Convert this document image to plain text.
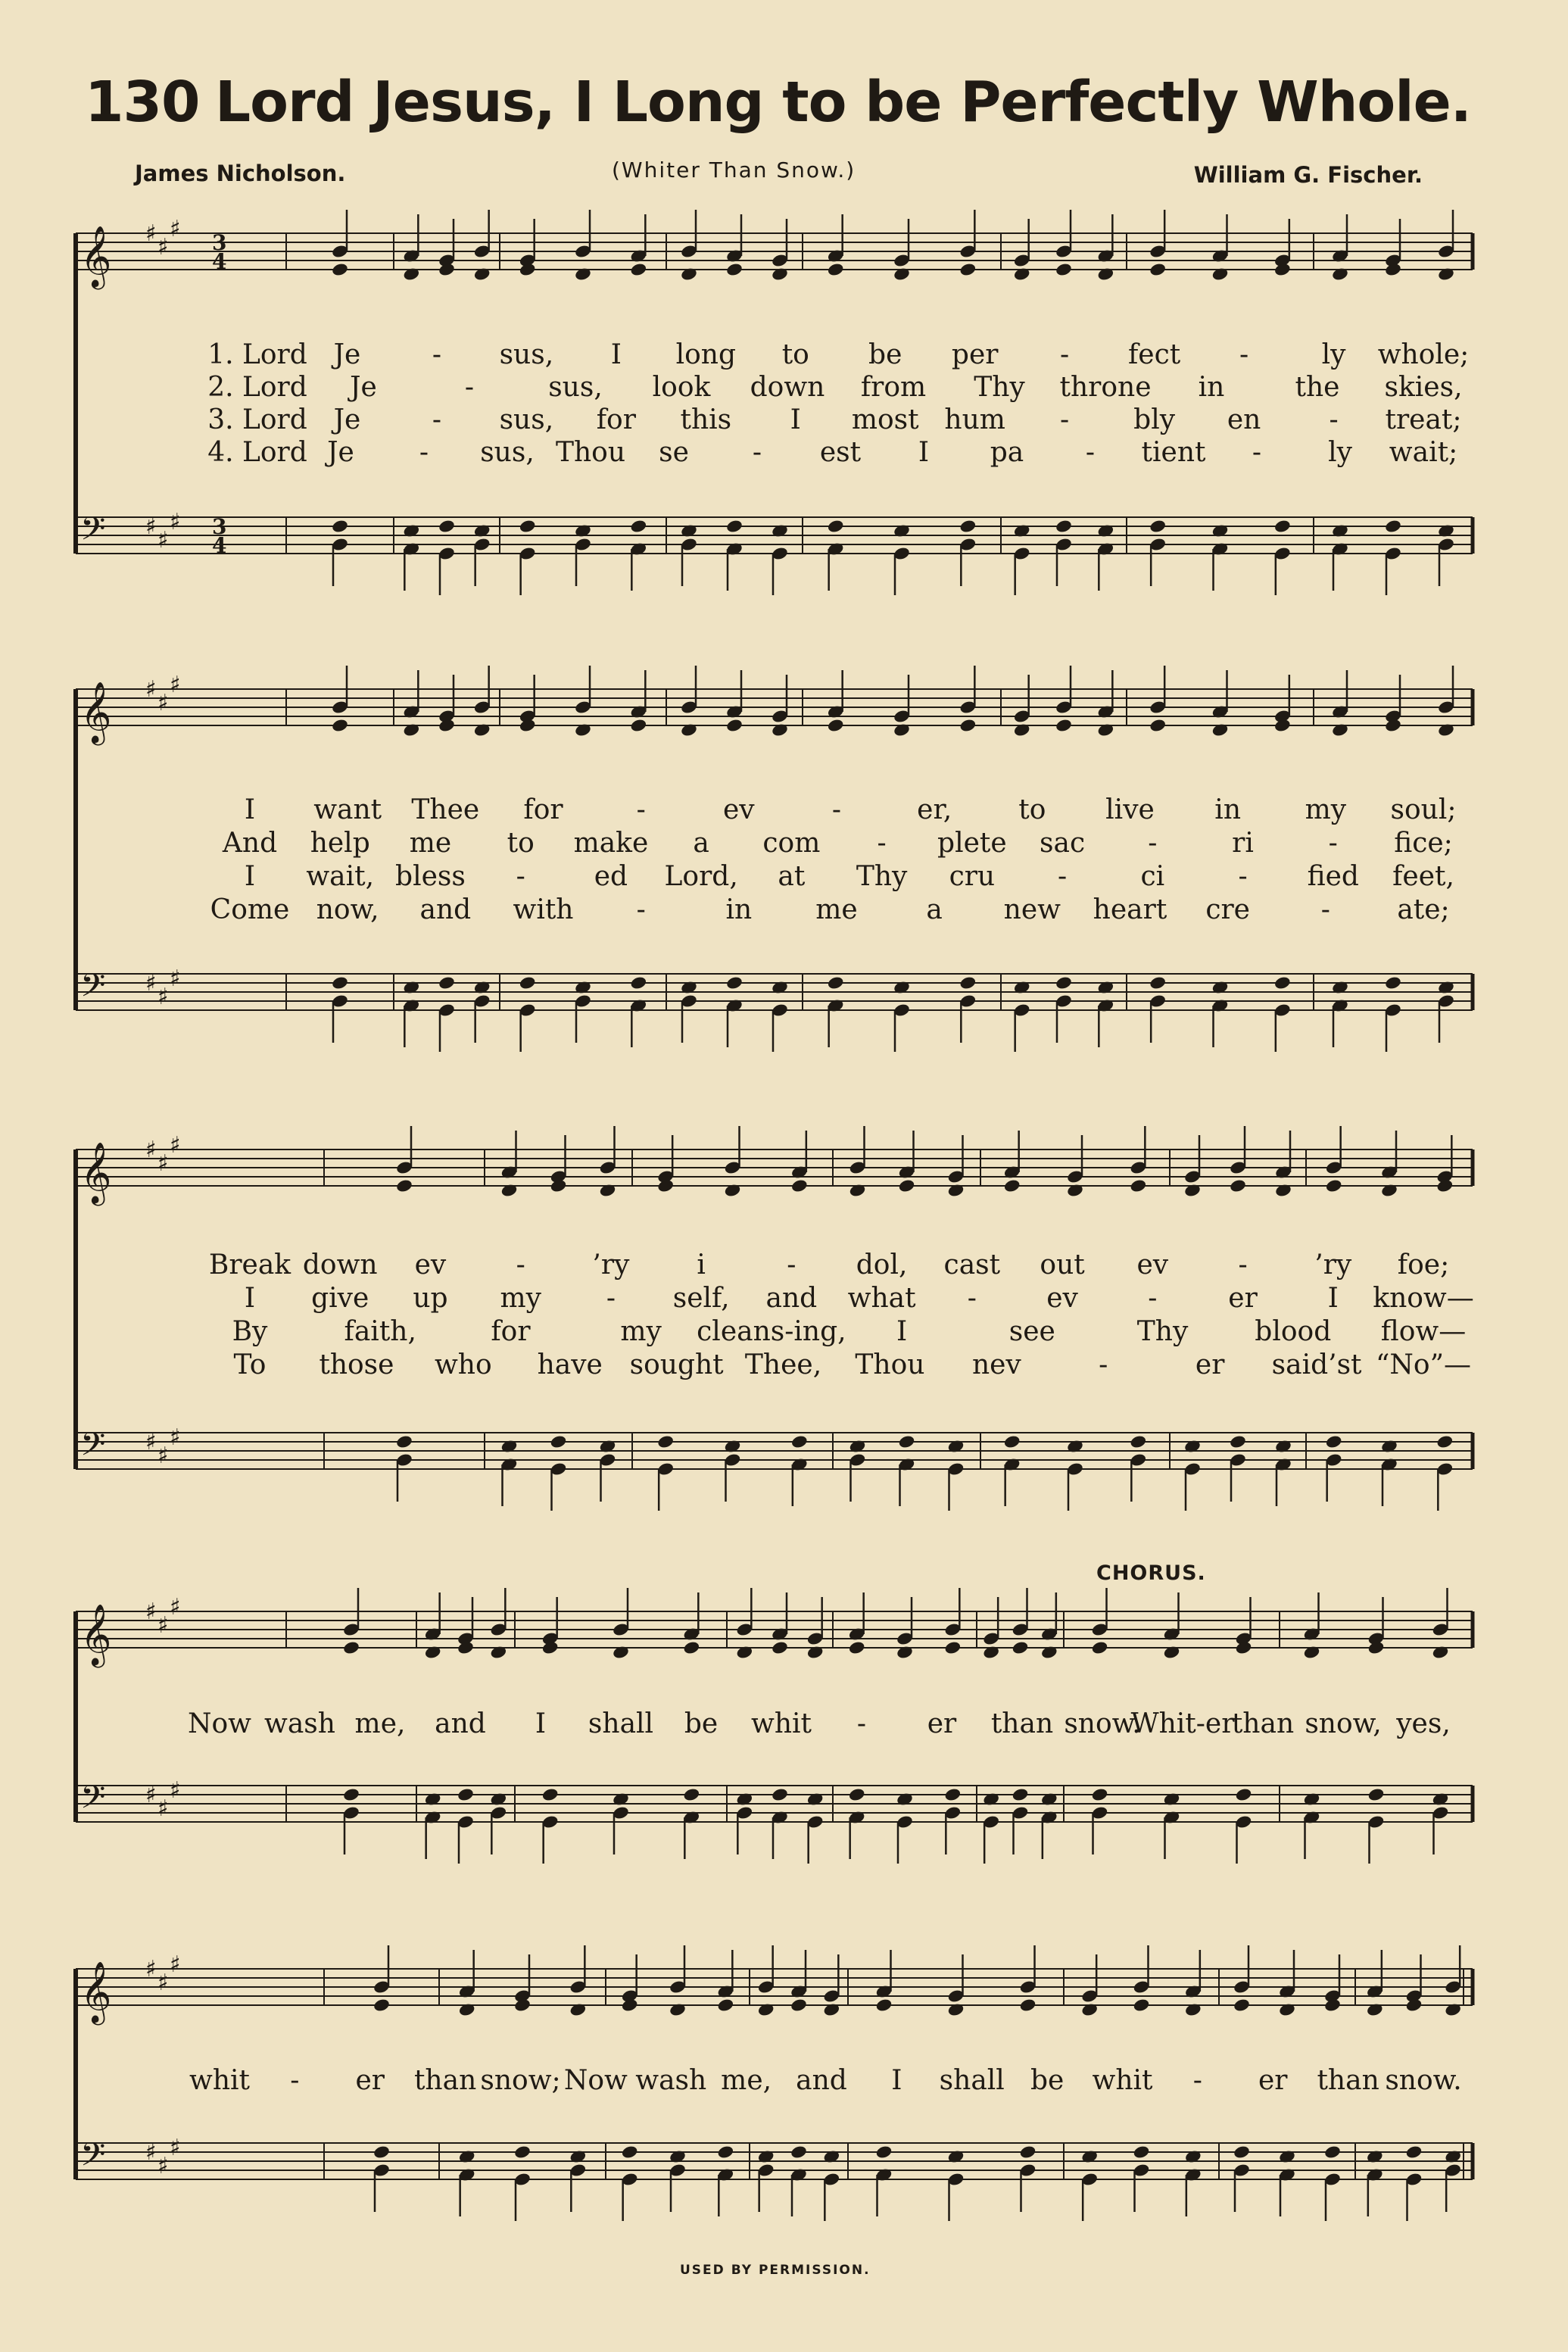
130 Lord Jesus, I Long to be Perfectly Whole.
James Nicholson.	(Whiter Than Snow.)	William G. Fischer.
𝄞
𝄢
♯
♯
♯
♯
♯
♯
3
4
3
4
𝄞
𝄢
♯
♯
♯
♯
♯
♯
𝄞
𝄢
♯
♯
♯
♯
♯
♯
𝄞
𝄢
♯
♯
♯
♯
♯
♯
𝄞
𝄢
♯
♯
♯
♯
♯
♯
1. Lord Je	- sus, I long to be per - fect -	ly whole;
2. Lord Je	-	sus, look down from Thy throne in	the skies,
3. Lord Je	- sus, for this I most hum - bly en	- treat;
4. Lord Je - sus, Thou se - est I pa - tient - ly wait;
I want Thee for	-	ev	-	er, to live in my soul;
And help me to make a com - plete sac -	ri	- fice;
I wait, bless -	ed Lord, at Thy cru -	ci	- fied feet,
Come now, and with -	in me	a new heart cre	- ate;
Break down ev	- ’ry i	- dol, cast out ev	- ’ry foe;
I give up my - self, and what -	ev	-	er	I know—
By	faith,	for	my cleans-ing, I	see	Thy blood flow—
To those who have sought Thee, Thou nev	-	er said’st “No”—
Now wash me, and I shall be whit - er than snow.
Whit-er
than snow, yes,
whit - er than snow; Now wash me, and I shall be whit - er than snow.
CHORUS.
USED BY PERMISSION.
